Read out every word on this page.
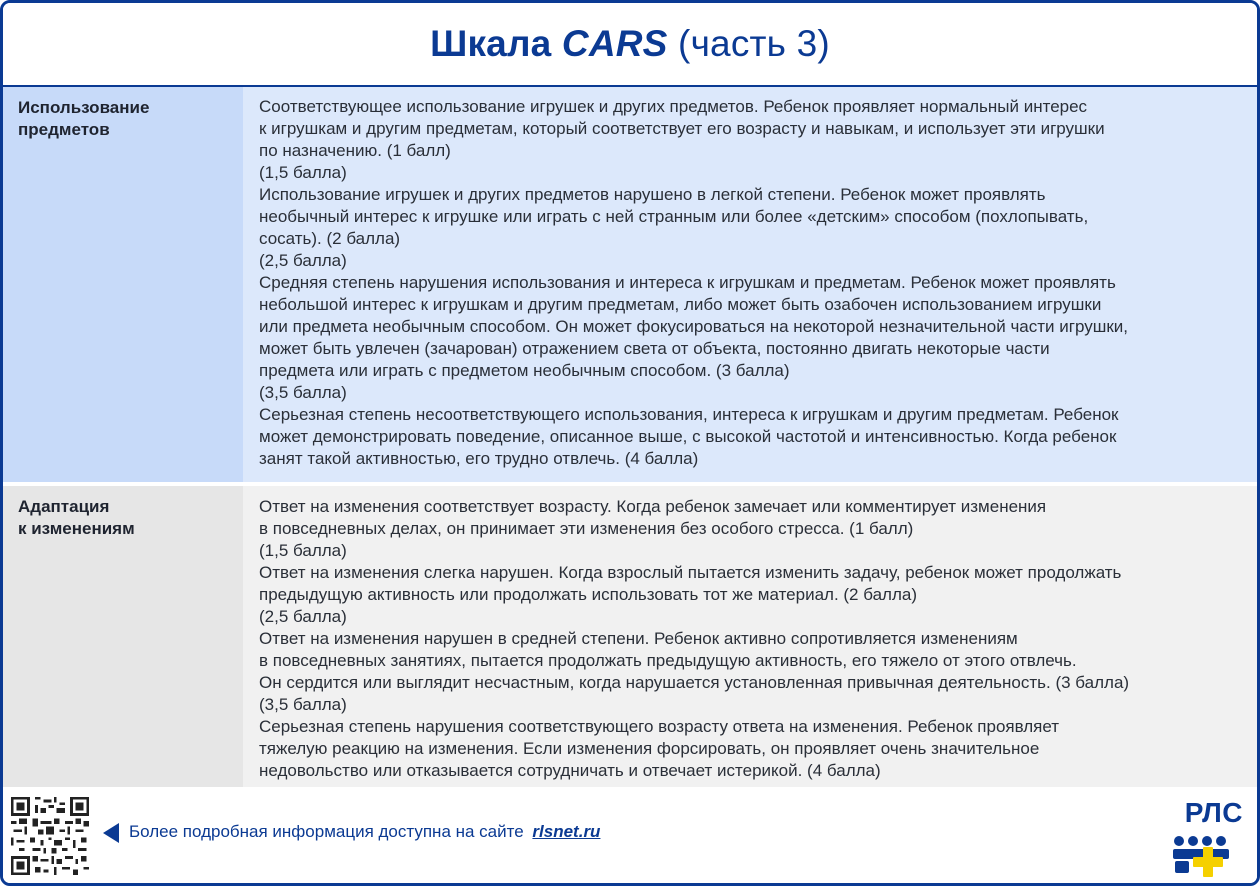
Шкала CARS (часть 3)
Использование
предметов
Соответствующее использование игрушек и других предметов. Ребенок проявляет нормальный интерес
к игрушкам и другим предметам, который соответствует его возрасту и навыкам, и использует эти игрушки
по назначению. (1 балл)
(1,5 балла)
Использование игрушек и других предметов нарушено в легкой степени. Ребенок может проявлять
необычный интерес к игрушке или играть с ней странным или более «детским» способом (похлопывать,
сосать). (2 балла)
(2,5 балла)
Средняя степень нарушения использования и интереса к игрушкам и предметам. Ребенок может проявлять
небольшой интерес к игрушкам и другим предметам, либо может быть озабочен использованием игрушки
или предмета необычным способом. Он может фокусироваться на некоторой незначительной части игрушки,
может быть увлечен (зачарован) отражением света от объекта, постоянно двигать некоторые части
предмета или играть с предметом необычным способом. (3 балла)
(3,5 балла)
Серьезная степень несоответствующего использования, интереса к игрушкам и другим предметам. Ребенок
может демонстрировать поведение, описанное выше, с высокой частотой и интенсивностью. Когда ребенок
занят такой активностью, его трудно отвлечь. (4 балла)
Адаптация
к изменениям
Ответ на изменения соответствует возрасту. Когда ребенок замечает или комментирует изменения
в повседневных делах, он принимает эти изменения без особого стресса. (1 балл)
(1,5 балла)
Ответ на изменения слегка нарушен. Когда взрослый пытается изменить задачу, ребенок может продолжать
предыдущую активность или продолжать использовать тот же материал. (2 балла)
(2,5 балла)
Ответ на изменения нарушен в средней степени. Ребенок активно сопротивляется изменениям
в повседневных занятиях, пытается продолжать предыдущую активность, его тяжело от этого отвлечь.
Он сердится или выглядит несчастным, когда нарушается установленная привычная деятельность. (3 балла)
(3,5 балла)
Серьезная степень нарушения соответствующего возрасту ответа на изменения. Ребенок проявляет
тяжелую реакцию на изменения. Если изменения форсировать, он проявляет очень значительное
недовольство или отказывается сотрудничать и отвечает истерикой. (4 балла)
Более подробная информация доступна на сайте rlsnet.ru
РЛС
